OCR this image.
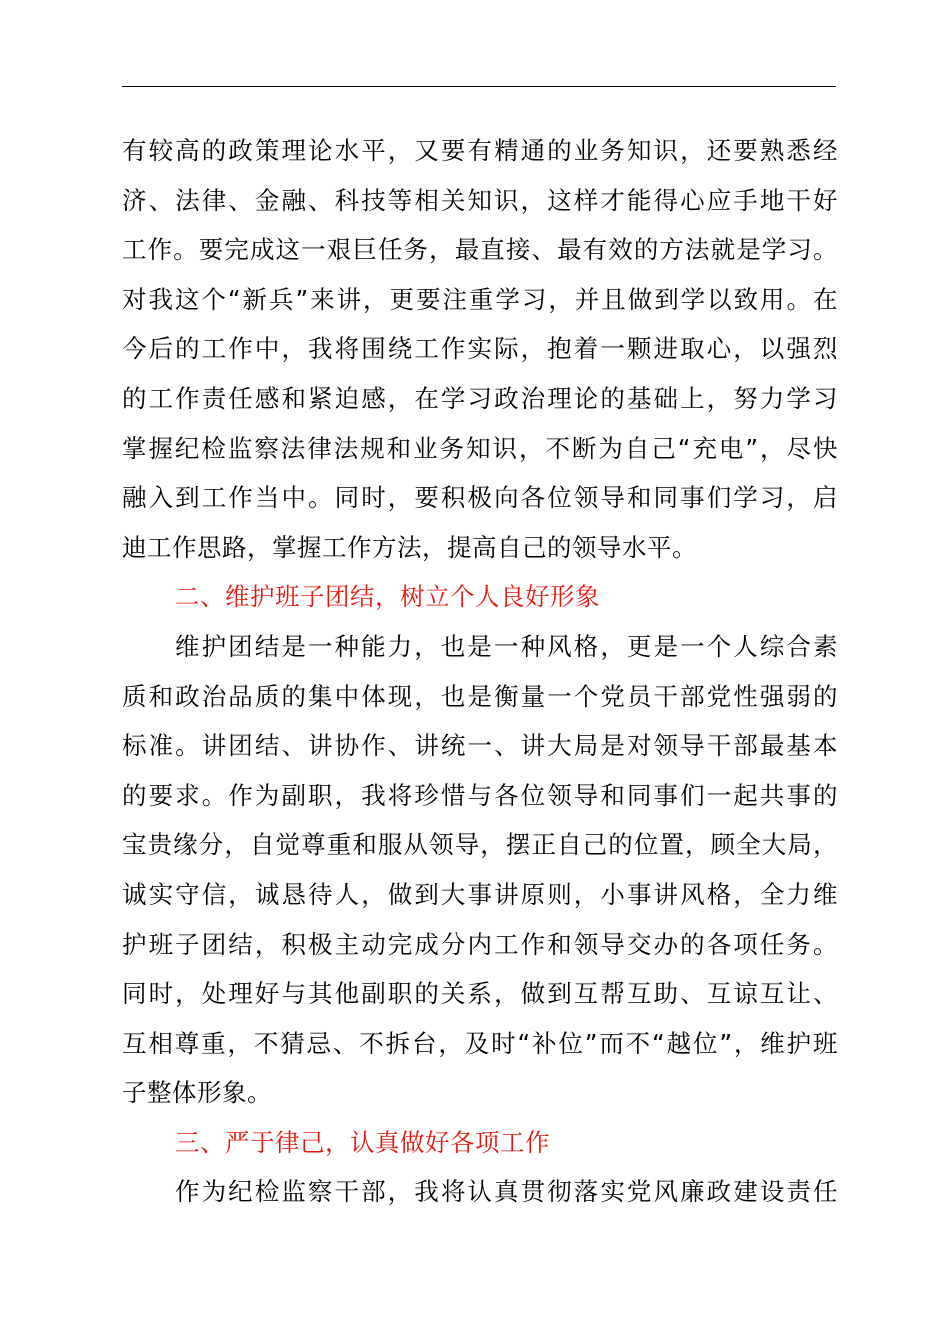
有较高的政策理论水平，又要有精通的业务知识，还要熟悉经
济、法律、金融、科技等相关知识，这样才能得心应手地干好
工作。要完成这一艰巨任务，最直接、最有效的方法就是学习。
对我这个“新兵”来讲，更要注重学习，并且做到学以致用。在
今后的工作中，我将围绕工作实际，抱着一颗进取心，以强烈
的工作责任感和紧迫感，在学习政治理论的基础上，努力学习
掌握纪检监察法律法规和业务知识，不断为自己“充电”，尽快
融入到工作当中。同时，要积极向各位领导和同事们学习，启
迪工作思路，掌握工作方法，提高自己的领导水平。
二、维护班子团结，树立个人良好形象
维护团结是一种能力，也是一种风格，更是一个人综合素
质和政治品质的集中体现，也是衡量一个党员干部党性强弱的
标准。讲团结、讲协作、讲统一、讲大局是对领导干部最基本
的要求。作为副职，我将珍惜与各位领导和同事们一起共事的
宝贵缘分，自觉尊重和服从领导，摆正自己的位置，顾全大局，
诚实守信，诚恳待人，做到大事讲原则，小事讲风格，全力维
护班子团结，积极主动完成分内工作和领导交办的各项任务。
同时，处理好与其他副职的关系，做到互帮互助、互谅互让、
互相尊重，不猜忌、不拆台，及时“补位”而不“越位”，维护班
子整体形象。
三、严于律己，认真做好各项工作
作为纪检监察干部，我将认真贯彻落实党风廉政建设责任
